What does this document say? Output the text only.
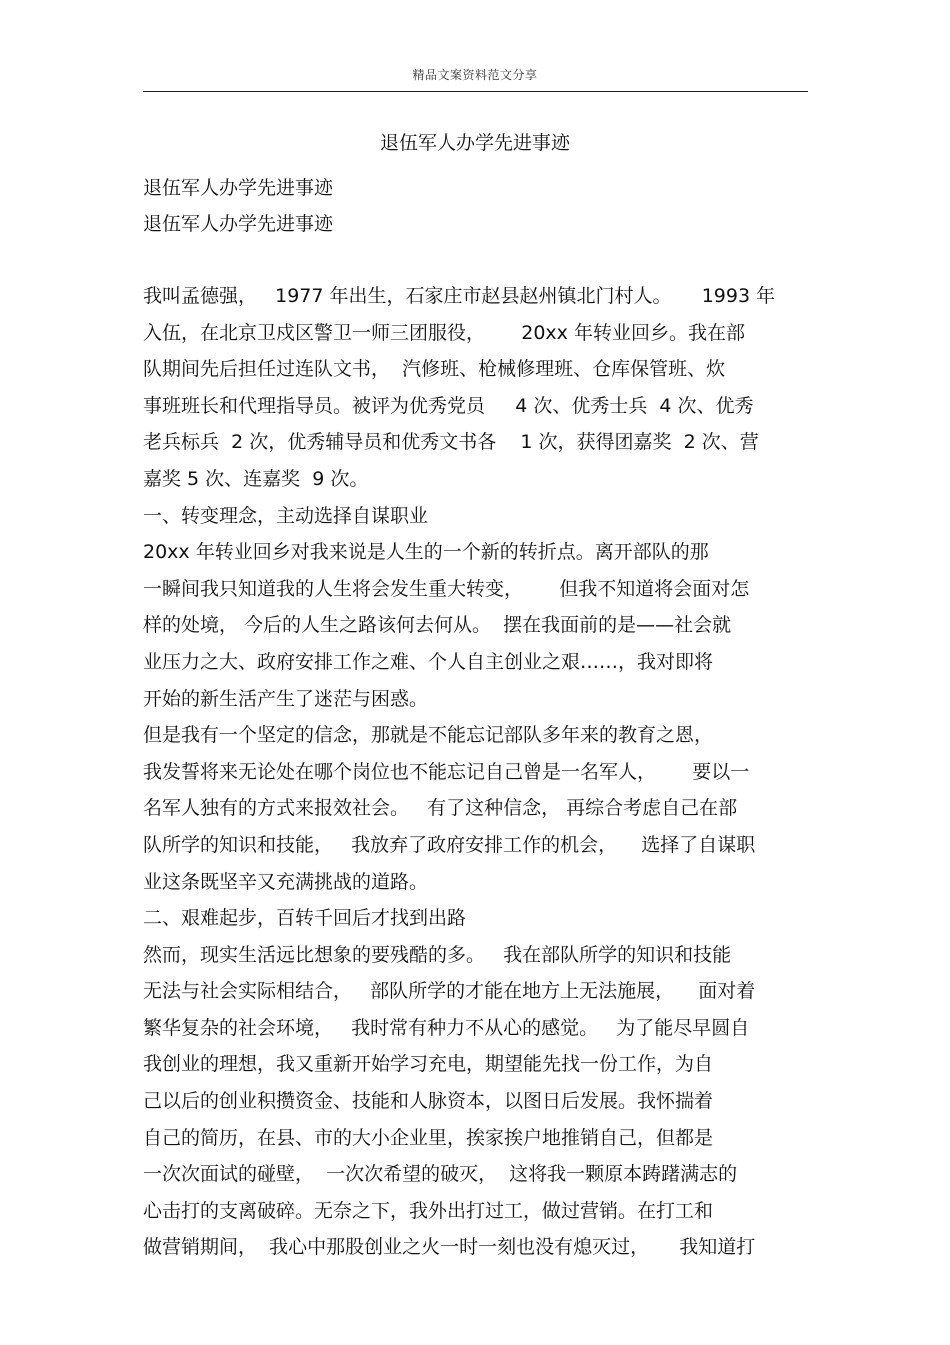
精品文案资料范文分享
退伍军人办学先进事迹
退伍军人办学先进事迹
退伍军人办学先进事迹
我叫孟德强，   1977 年出生，石家庄市赵县赵州镇北门村人。     1993 年
入伍，在北京卫戍区警卫一师三团服役，      20xx 年转业回乡。我在部
队期间先后担任过连队文书，  汽修班、枪械修理班、仓库保管班、炊
事班班长和代理指导员。被评为优秀党员     4 次、优秀士兵  4 次、优秀
老兵标兵  2 次，优秀辅导员和优秀文书各    1 次，获得团嘉奖  2 次、营
嘉奖 5 次、连嘉奖  9 次。
一、转变理念，主动选择自谋职业
20xx 年转业回乡对我来说是人生的一个新的转折点。离开部队的那
一瞬间我只知道我的人生将会发生重大转变，      但我不知道将会面对怎
样的处境， 今后的人生之路该何去何从。  摆在我面前的是——社会就
业压力之大、政府安排工作之难、个人自主创业之艰……，我对即将
开始的新生活产生了迷茫与困惑。
但是我有一个坚定的信念，那就是不能忘记部队多年来的教育之恩，
我发誓将来无论处在哪个岗位也不能忘记自己曾是一名军人，      要以一
名军人独有的方式来报效社会。   有了这种信念， 再综合考虑自己在部
队所学的知识和技能，   我放弃了政府安排工作的机会，    选择了自谋职
业这条既坚辛又充满挑战的道路。
二、艰难起步，百转千回后才找到出路
然而，现实生活远比想象的要残酷的多。   我在部队所学的知识和技能
无法与社会实际相结合，   部队所学的才能在地方上无法施展，    面对着
繁华复杂的社会环境，   我时常有种力不从心的感觉。   为了能尽早圆自
我创业的理想，我又重新开始学习充电，期望能先找一份工作，为自
己以后的创业积攒资金、技能和人脉资本，以图日后发展。我怀揣着
自己的简历，在县、市的大小企业里，挨家挨户地推销自己，但都是
一次次面试的碰壁，  一次次希望的破灭，  这将我一颗原本踌躇满志的
心击打的支离破碎。无奈之下，我外出打过工，做过营销。在打工和
做营销期间，  我心中那股创业之火一时一刻也没有熄灭过，     我知道打
